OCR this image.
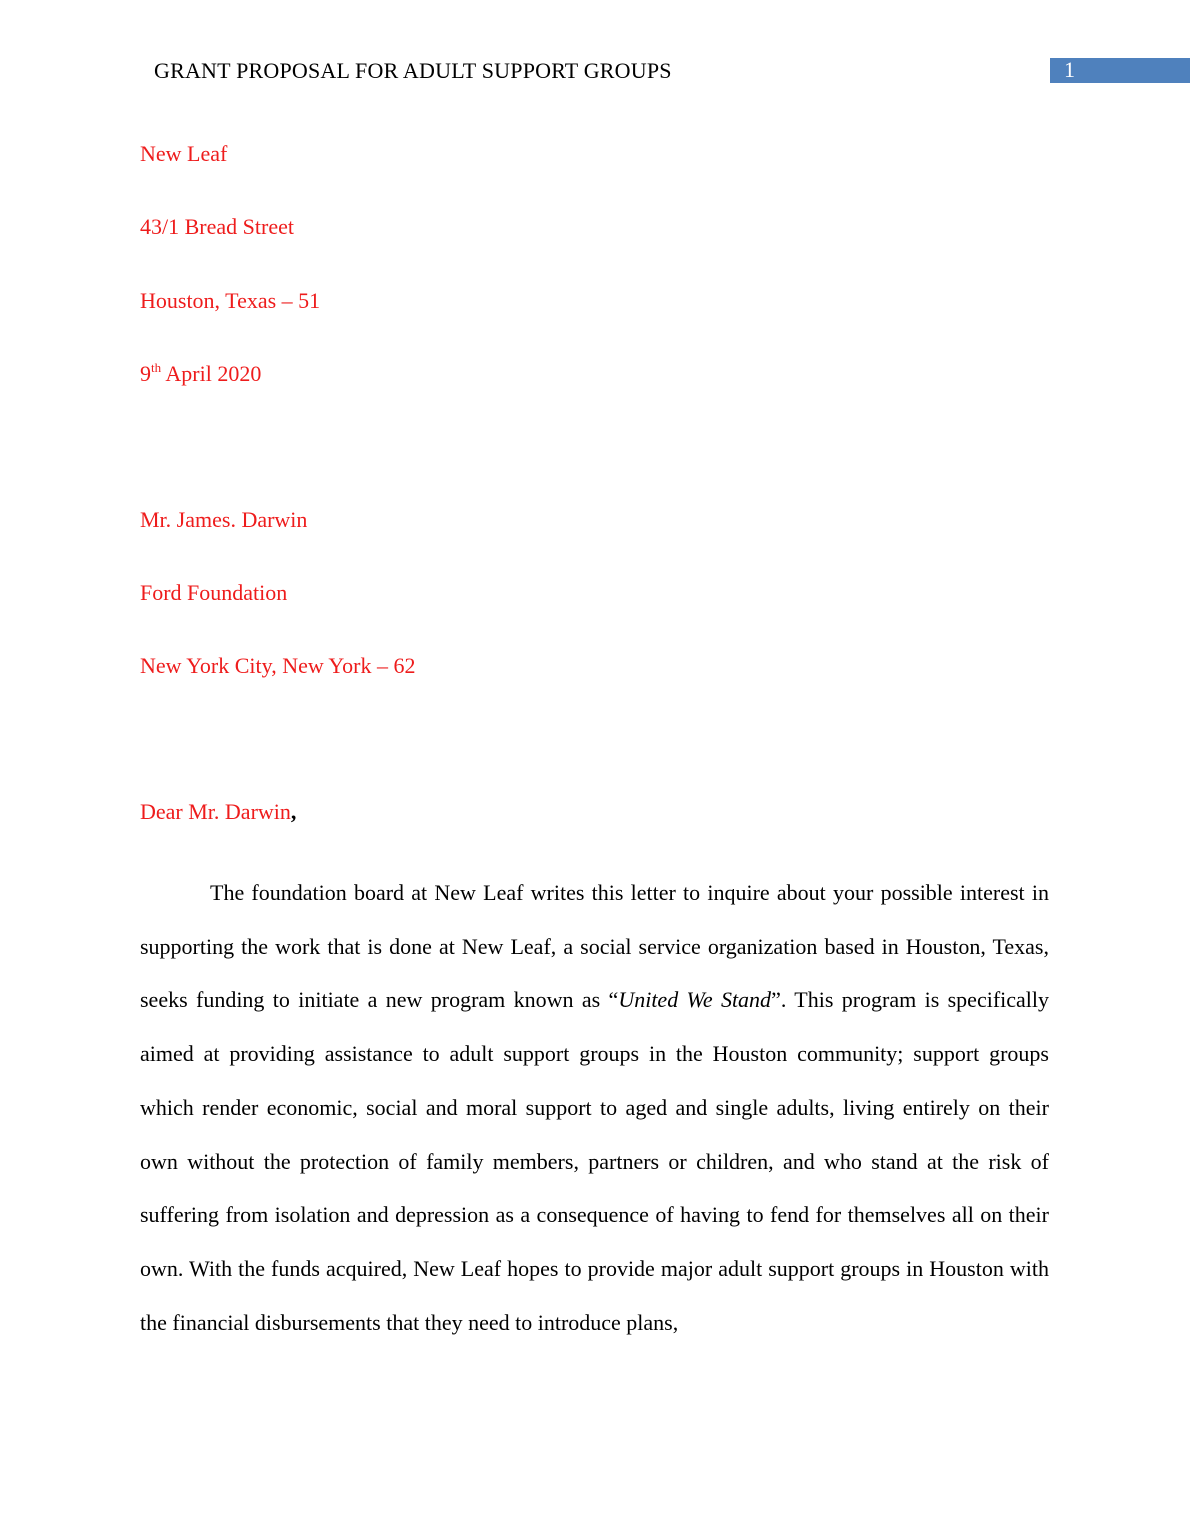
GRANT PROPOSAL FOR ADULT SUPPORT GROUPS	1
New Leaf
43/1 Bread Street
Houston, Texas – 51
9th April 2020
Mr. James. Darwin
Ford Foundation
New York City, New York – 62
Dear Mr. Darwin,

The foundation board at New Leaf writes this letter to inquire about your possible interest in supporting the work that is done at New Leaf, a social service organization based in Houston, Texas, seeks funding to initiate a new program known as “United We Stand”. This program is specifically aimed at providing assistance to adult support groups in the Houston community; support groups which render economic, social and moral support to aged and single adults, living entirely on their own without the protection of family members, partners or children, and who stand at the risk of suffering from isolation and depression as a consequence of having to fend for themselves all on their own. With the funds acquired, New Leaf hopes to provide major adult support groups in Houston with the financial disbursements that they need to introduce plans,
